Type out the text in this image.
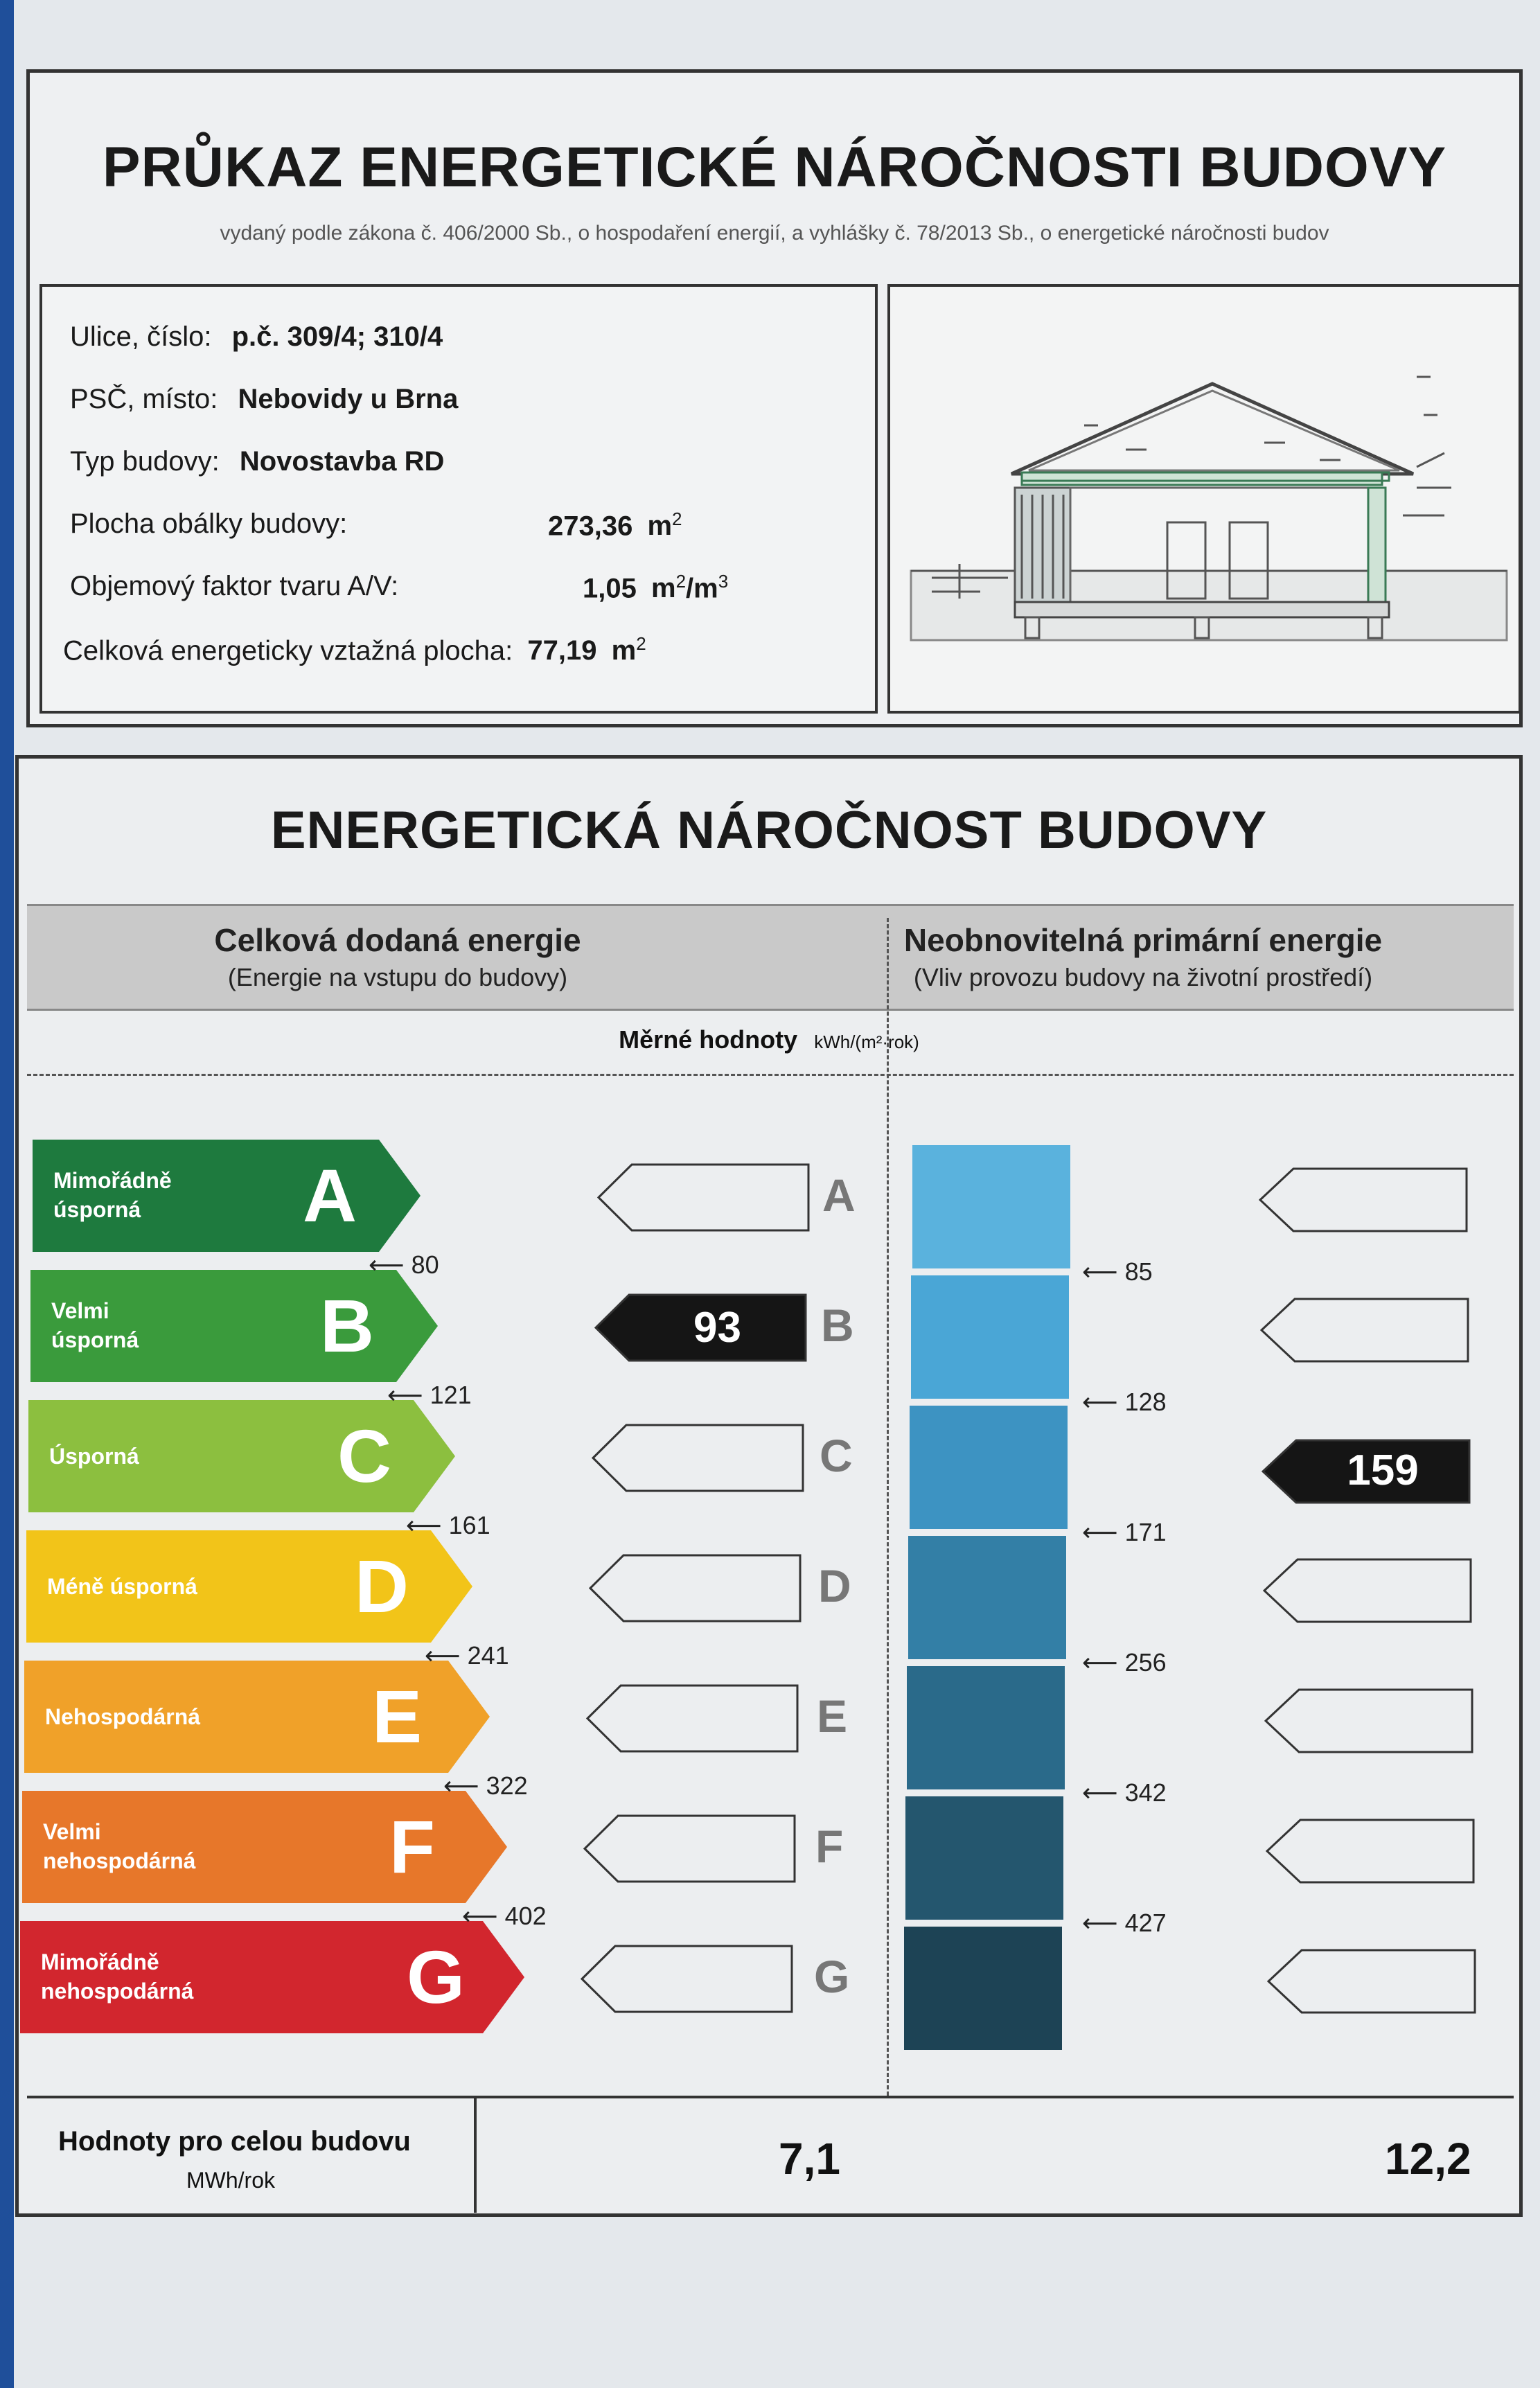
PRŮKAZ ENERGETICKÉ NÁROČNOSTI BUDOVY
vydaný podle zákona č. 406/2000 Sb., o hospodaření energií, a vyhlášky č. 78/2013 Sb., o energetické náročnosti budov
Ulice, číslo: p.č. 309/4; 310/4
PSČ, místo: Nebovidy u Brna
Typ budovy: Novostavba RD
Plocha obálky budovy:	273,36 $m^2$
Objemový faktor tvaru A/V:	1,05 $m^2/m^3$
Celková energeticky vztažná plocha: 77,19 $m^2$
ENERGETICKÁ NÁROČNOST BUDOVY
Celková dodaná energie
(Energie na vstupu do budovy)
Neobnovitelná primární energie
(Vliv provozu budovy na životní prostředí)
Měrné hodnoty kWh/(m²·rok)
Mimořádně
úsporná	A	A
Velmi
úsporná B	93	B
Úsporná	C	C	159
Méně úsporná D	D
Nehospodárná E	E
Velmi
nehospodárná	F	F
Mimořádně
nehospodárná	G	G
⟵ 80
⟵ 121
⟵ 161
⟵ 241
⟵ 322
⟵ 402
⟵ 85
⟵ 128
⟵ 171
⟵ 256
⟵ 342
⟵ 427
Hodnoty pro celou budovu
MWh/rok	7,1	12,2
